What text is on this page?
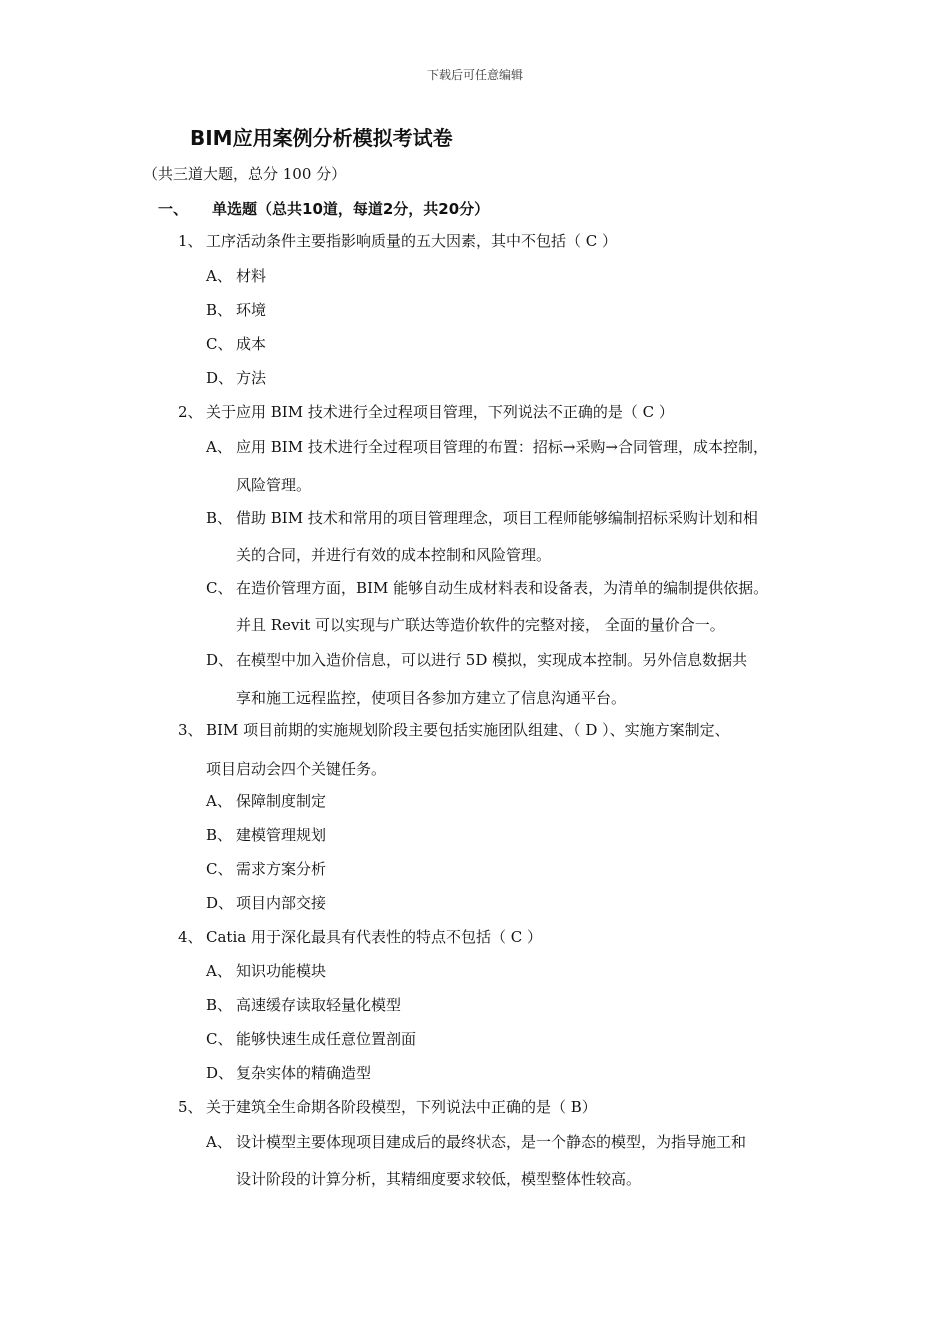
下载后可任意编辑
BIM应用案例分析模拟考试卷
（共三道大题，总分 100 分）
一、 单选题（总共10道，每道2分，共20分）
1、 工序活动条件主要指影响质量的五大因素，其中不包括（ C ）
A、 材料
B、 环境
C、 成本
D、 方法
2、 关于应用 BIM 技术进行全过程项目管理，下列说法不正确的是（ C ）
A、 应用 BIM 技术进行全过程项目管理的布置：招标→采购→合同管理，成本控制，
风险管理。
B、 借助 BIM 技术和常用的项目管理理念，项目工程师能够编制招标采购计划和相
关的合同，并进行有效的成本控制和风险管理。
C、 在造价管理方面，BIM 能够自动生成材料表和设备表，为清单的编制提供依据。
并且 Revit 可以实现与广联达等造价软件的完整对接， 全面的量价合一。
D、 在模型中加入造价信息，可以进行 5D 模拟，实现成本控制。另外信息数据共
享和施工远程监控，使项目各参加方建立了信息沟通平台。
3、 BIM 项目前期的实施规划阶段主要包括实施团队组建、（ D ）、实施方案制定、
项目启动会四个关键任务。
A、 保障制度制定
B、 建模管理规划
C、 需求方案分析
D、 项目内部交接
4、 Catia 用于深化最具有代表性的特点不包括（ C ）
A、 知识功能模块
B、 高速缓存读取轻量化模型
C、 能够快速生成任意位置剖面
D、 复杂实体的精确造型
5、 关于建筑全生命期各阶段模型，下列说法中正确的是（ B）
A、 设计模型主要体现项目建成后的最终状态，是一个静态的模型，为指导施工和
设计阶段的计算分析，其精细度要求较低，模型整体性较高。
